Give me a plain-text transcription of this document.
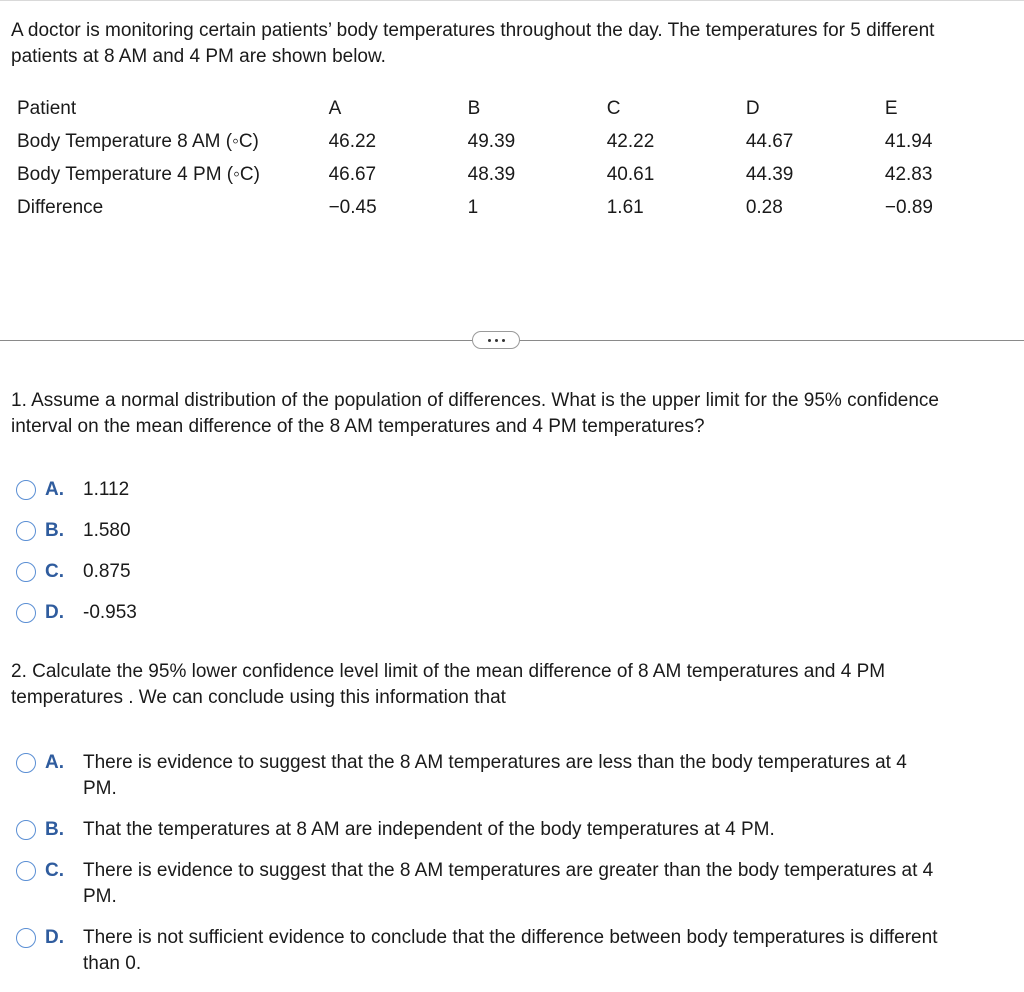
A doctor is monitoring certain patients’ body temperatures throughout the day. The temperatures for 5 different patients at 8 AM and 4 PM are shown below.

Patient	A	B	C	D	E
Body Temperature 8 AM (◦C)	46.22	49.39	42.22	44.67	41.94
Body Temperature 4 PM (◦C)	46.67	48.39	40.61	44.39	42.83
Difference	−0.45	1	1.61	0.28	−0.89

1. Assume a normal distribution of the population of differences. What is the upper limit for the 95% confidence interval on the mean difference of the 8 AM temperatures and 4 PM temperatures?

A.	1.112
B.	1.580
C.	0.875
D.	-0.953

2. Calculate the 95% lower confidence level limit of the mean difference of 8 AM temperatures and 4 PM temperatures . We can conclude using this information that

A.	There is evidence to suggest that the 8 AM temperatures are less than the body temperatures at 4 PM.
B.	That the temperatures at 8 AM are independent of the body temperatures at 4 PM.
C.	There is evidence to suggest that the 8 AM temperatures are greater than the body temperatures at 4 PM.
D.	There is not sufficient evidence to conclude that the difference between body temperatures is different than 0.
